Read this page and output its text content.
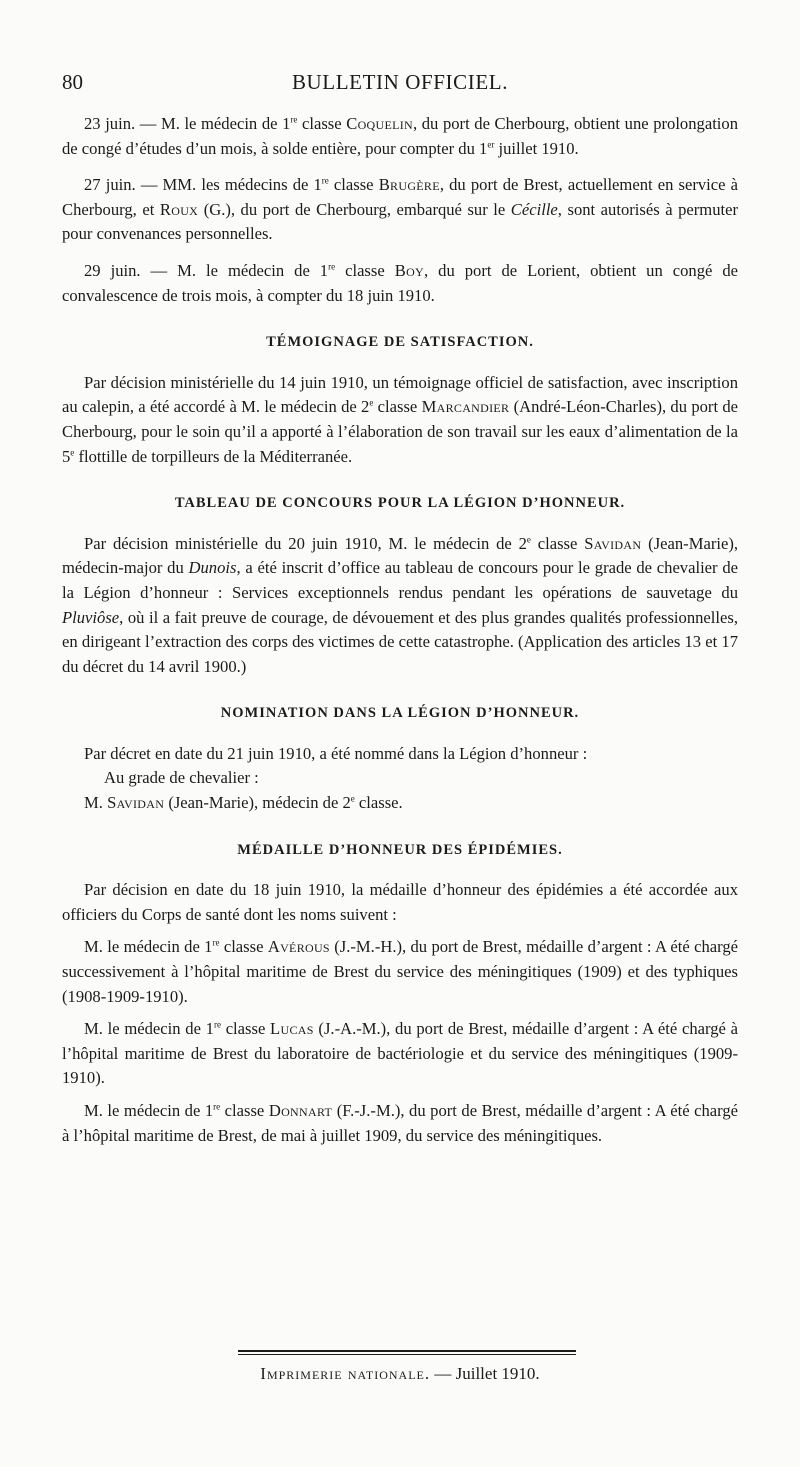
80	BULLETIN OFFICIEL.

23 juin. — M. le médecin de 1re classe Coquelin, du port de Cherbourg, obtient une prolongation de congé d’études d’un mois, à solde entière, pour compter du 1er juillet 1910.

27 juin. — MM. les médecins de 1re classe Brugère, du port de Brest, actuellement en service à Cherbourg, et Roux (G.), du port de Cherbourg, embarqué sur le Cécille, sont autorisés à permuter pour convenances personnelles.

29 juin. — M. le médecin de 1re classe Boy, du port de Lorient, obtient un congé de convalescence de trois mois, à compter du 18 juin 1910.

TÉMOIGNAGE DE SATISFACTION.

Par décision ministérielle du 14 juin 1910, un témoignage officiel de satisfaction, avec inscription au calepin, a été accordé à M. le médecin de 2e classe Marcandier (André-Léon-Charles), du port de Cherbourg, pour le soin qu’il a apporté à l’élaboration de son travail sur les eaux d’alimentation de la 5e flottille de torpilleurs de la Méditerranée.

TABLEAU DE CONCOURS POUR LA LÉGION D’HONNEUR.

Par décision ministérielle du 20 juin 1910, M. le médecin de 2e classe Savidan (Jean-Marie), médecin-major du Dunois, a été inscrit d’office au tableau de concours pour le grade de chevalier de la Légion d’honneur : Services exceptionnels rendus pendant les opérations de sauvetage du Pluviôse, où il a fait preuve de courage, de dévouement et des plus grandes qualités professionnelles, en dirigeant l’extraction des corps des victimes de cette catastrophe. (Application des articles 13 et 17 du décret du 14 avril 1900.)

NOMINATION DANS LA LÉGION D’HONNEUR.

Par décret en date du 21 juin 1910, a été nommé dans la Légion d’honneur :

Au grade de chevalier :

M. Savidan (Jean-Marie), médecin de 2e classe.

MÉDAILLE D’HONNEUR DES ÉPIDÉMIES.

Par décision en date du 18 juin 1910, la médaille d’honneur des épidémies a été accordée aux officiers du Corps de santé dont les noms suivent :

M. le médecin de 1re classe Avérous (J.-M.-H.), du port de Brest, médaille d’argent : A été chargé successivement à l’hôpital maritime de Brest du service des méningitiques (1909) et des typhiques (1908-1909-1910).

M. le médecin de 1re classe Lucas (J.-A.-M.), du port de Brest, médaille d’argent : A été chargé à l’hôpital maritime de Brest du laboratoire de bactériologie et du service des méningitiques (1909-1910).

M. le médecin de 1re classe Donnart (F.-J.-M.), du port de Brest, médaille d’argent : A été chargé à l’hôpital maritime de Brest, de mai à juillet 1909, du service des méningitiques.

Imprimerie nationale. — Juillet 1910.
